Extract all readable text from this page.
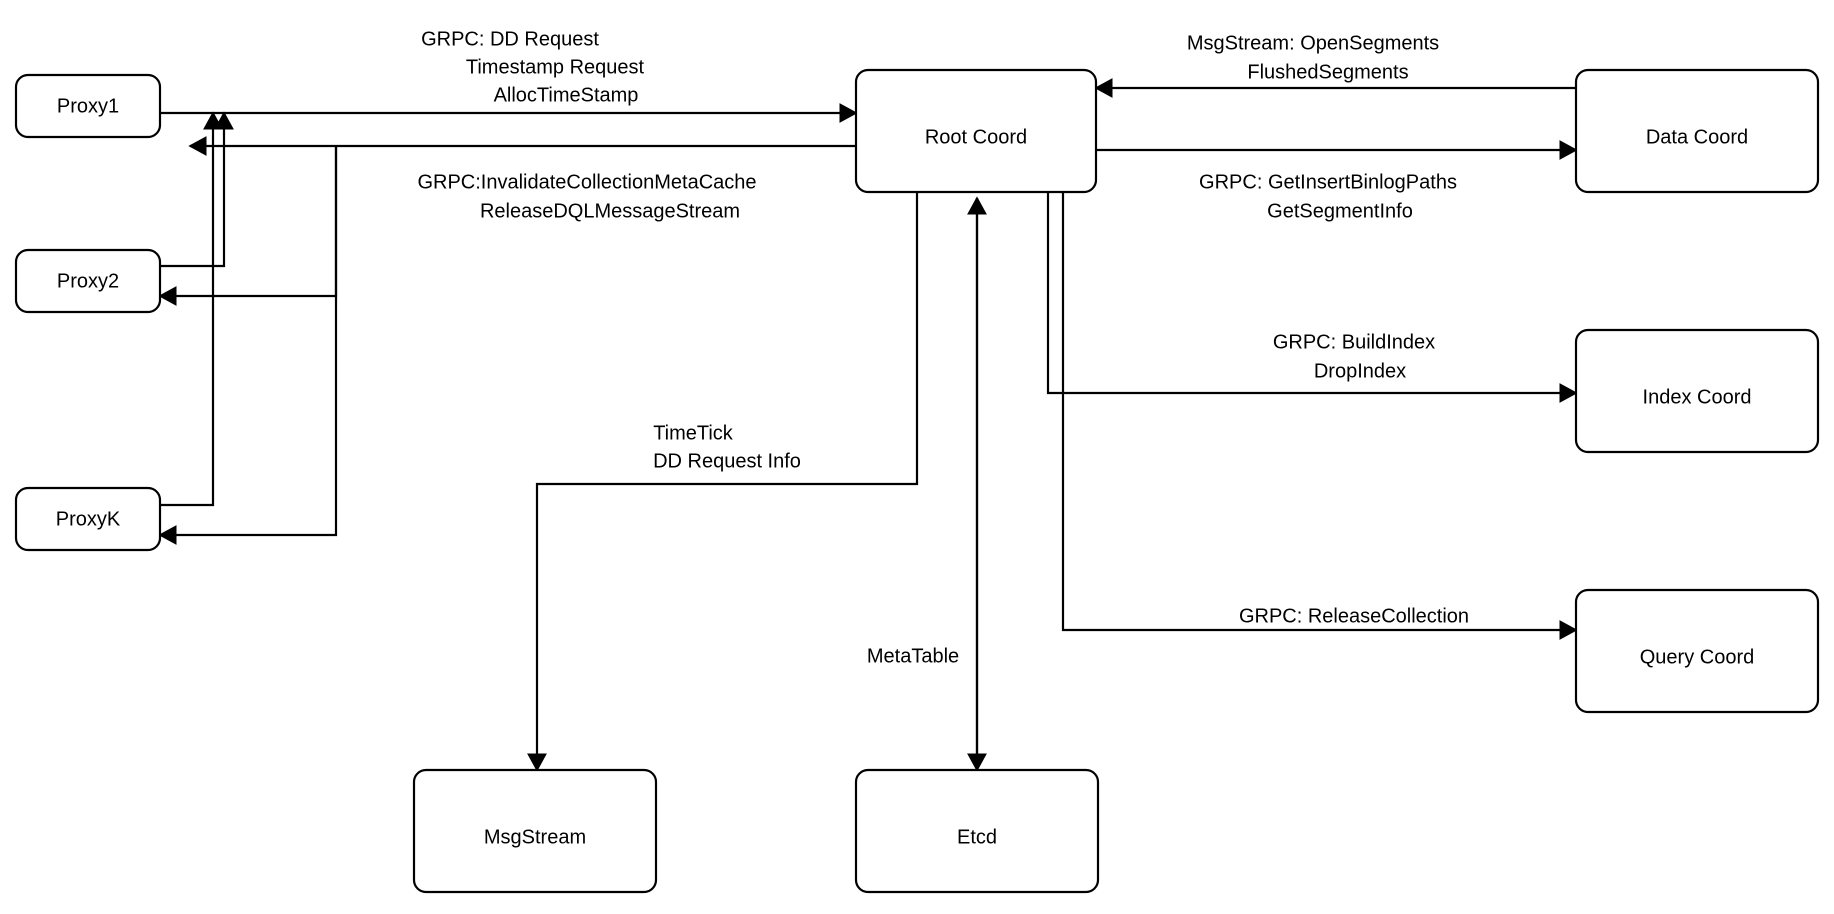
Proxy1
Proxy2
ProxyK
Root Coord	Data Coord
Index Coord
Query Coord
MsgStream	Etcd
GRPC: DD Request
Timestamp Request
AllocTimeStamp
GRPC:InvalidateCollectionMetaCache
ReleaseDQLMessageStream
MsgStream: OpenSegments
FlushedSegments
GRPC: GetInsertBinlogPaths
GetSegmentInfo
GRPC: BuildIndex
DropIndex
GRPC: ReleaseCollection
TimeTick
DD Request Info
MetaTable
